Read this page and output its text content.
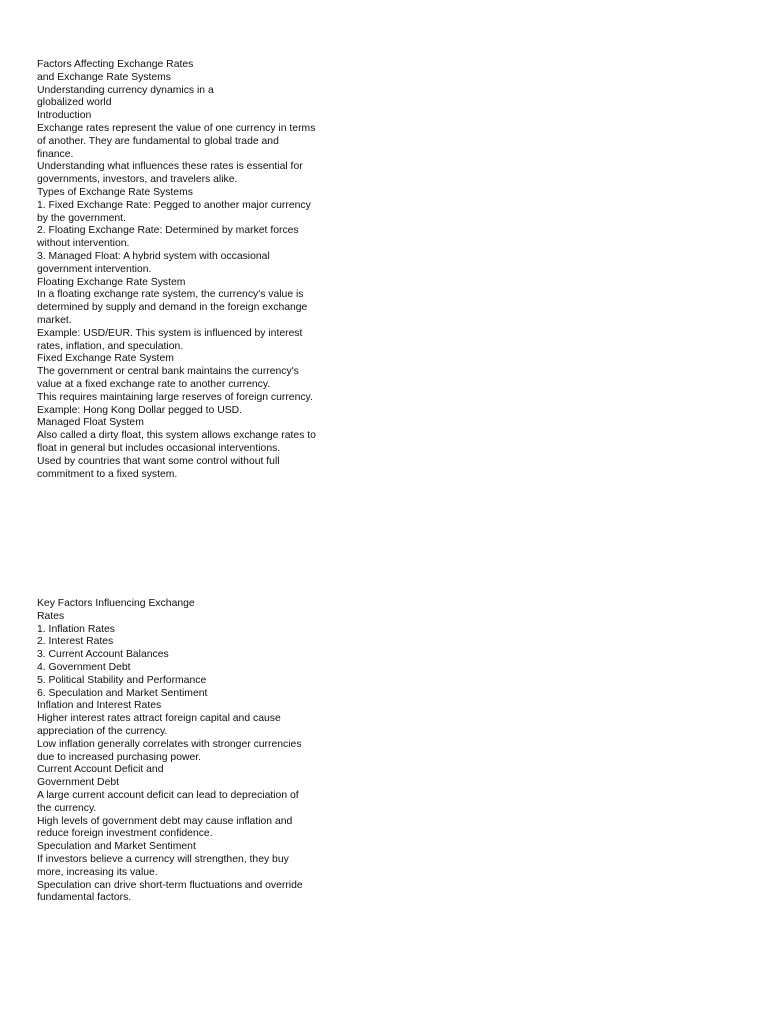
Factors Affecting Exchange Rates
and Exchange Rate Systems
Understanding currency dynamics in a
globalized world
Introduction
Exchange rates represent the value of one currency in terms
of another. They are fundamental to global trade and
finance.
Understanding what influences these rates is essential for
governments, investors, and travelers alike.
Types of Exchange Rate Systems
1. Fixed Exchange Rate: Pegged to another major currency
by the government.
2. Floating Exchange Rate: Determined by market forces
without intervention.
3. Managed Float: A hybrid system with occasional
government intervention.
Floating Exchange Rate System
In a floating exchange rate system, the currency's value is
determined by supply and demand in the foreign exchange
market.
Example: USD/EUR. This system is influenced by interest
rates, inflation, and speculation.
Fixed Exchange Rate System
The government or central bank maintains the currency's
value at a fixed exchange rate to another currency.
This requires maintaining large reserves of foreign currency.
Example: Hong Kong Dollar pegged to USD.
Managed Float System
Also called a dirty float, this system allows exchange rates to
float in general but includes occasional interventions.
Used by countries that want some control without full
commitment to a fixed system.
Key Factors Influencing Exchange
Rates
1. Inflation Rates
2. Interest Rates
3. Current Account Balances
4. Government Debt
5. Political Stability and Performance
6. Speculation and Market Sentiment
Inflation and Interest Rates
Higher interest rates attract foreign capital and cause
appreciation of the currency.
Low inflation generally correlates with stronger currencies
due to increased purchasing power.
Current Account Deficit and
Government Debt
A large current account deficit can lead to depreciation of
the currency.
High levels of government debt may cause inflation and
reduce foreign investment confidence.
Speculation and Market Sentiment
If investors believe a currency will strengthen, they buy
more, increasing its value.
Speculation can drive short-term fluctuations and override
fundamental factors.
